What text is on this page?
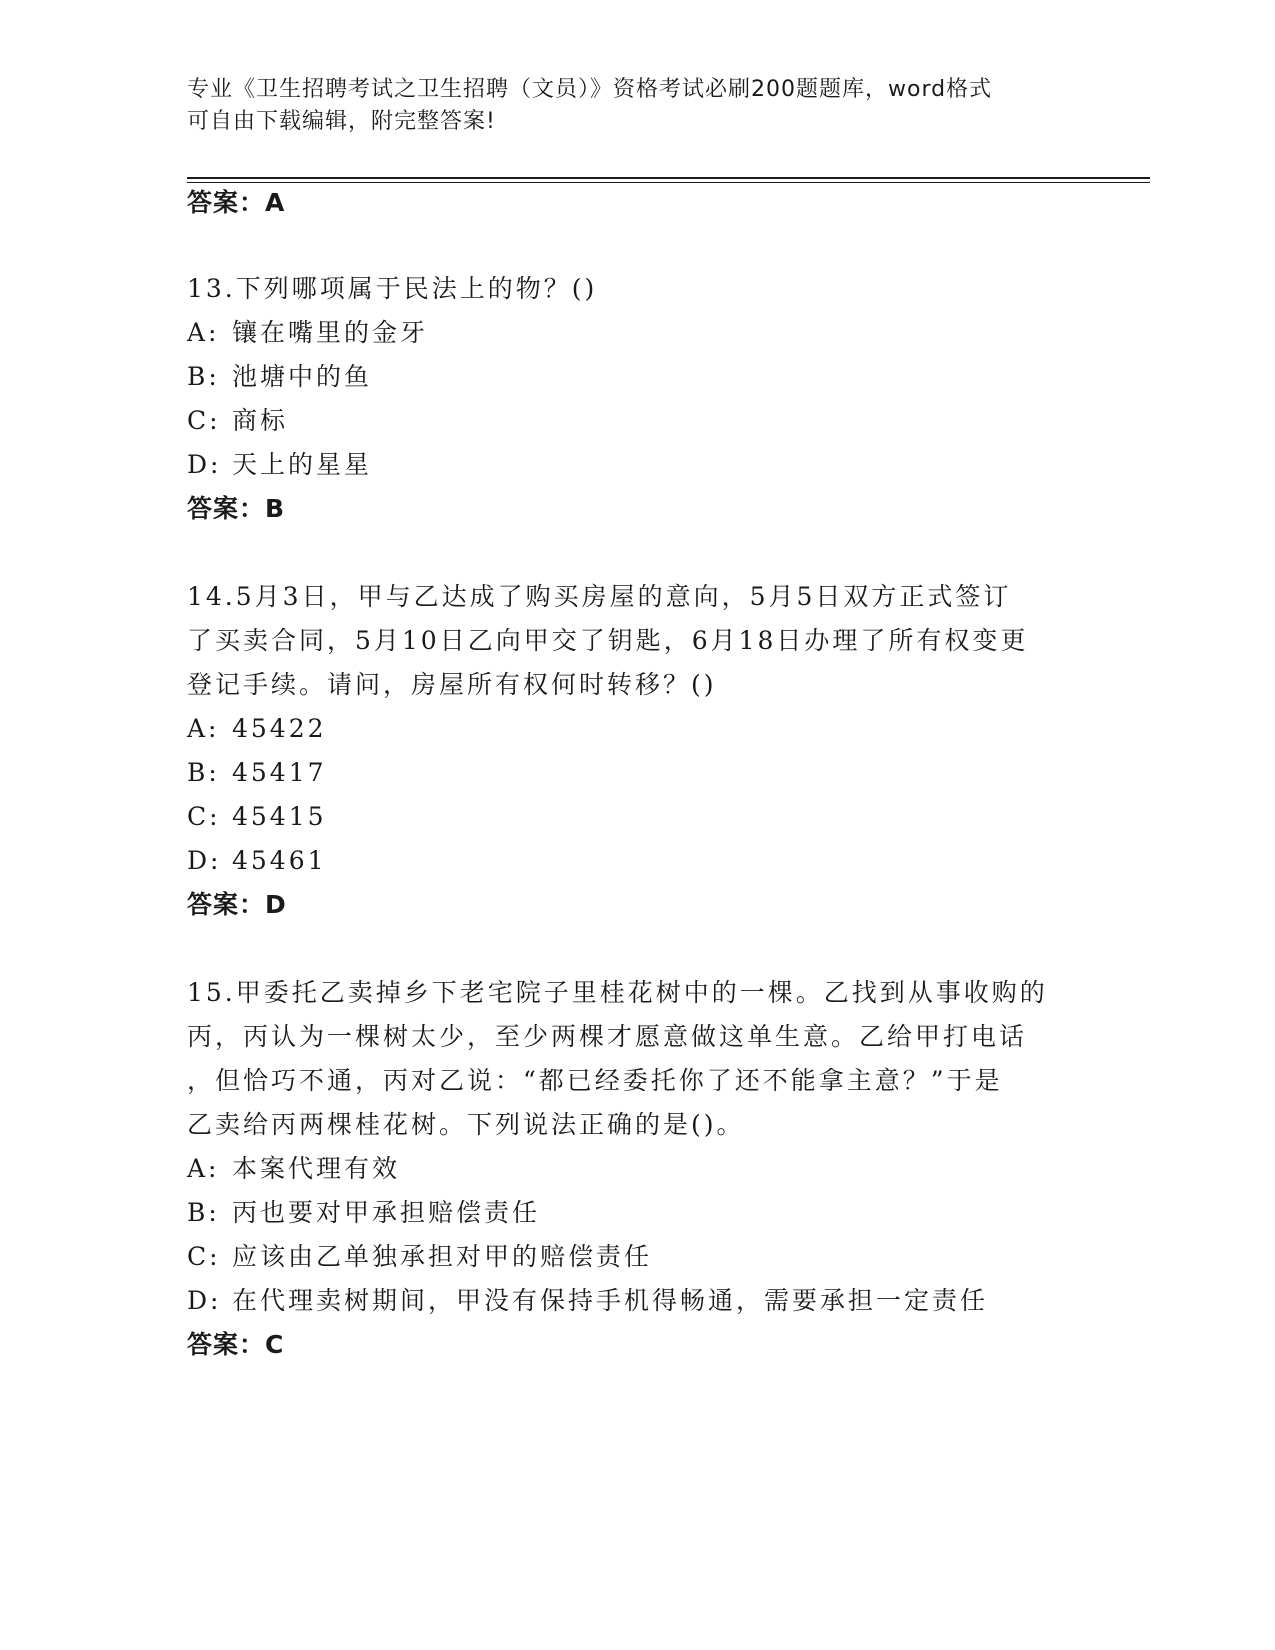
专业《卫生招聘考试之卫生招聘（文员）》资格考试必刷200题题库，word格式
可自由下载编辑，附完整答案!
答案：A
13.下列哪项属于民法上的物？()
A: 镶在嘴里的金牙
B: 池塘中的鱼
C: 商标
D: 天上的星星
答案：B
14.5月3日，甲与乙达成了购买房屋的意向，5月5日双方正式签订
了买卖合同，5月10日乙向甲交了钥匙，6月18日办理了所有权变更
登记手续。请问，房屋所有权何时转移？()
A: 45422
B: 45417
C: 45415
D: 45461
答案：D
15.甲委托乙卖掉乡下老宅院子里桂花树中的一棵。乙找到从事收购的
丙，丙认为一棵树太少，至少两棵才愿意做这单生意。乙给甲打电话
，但恰巧不通，丙对乙说：“都已经委托你了还不能拿主意？”于是
乙卖给丙两棵桂花树。下列说法正确的是()。
A: 本案代理有效
B: 丙也要对甲承担赔偿责任
C: 应该由乙单独承担对甲的赔偿责任
D: 在代理卖树期间，甲没有保持手机得畅通，需要承担一定责任
答案：C
